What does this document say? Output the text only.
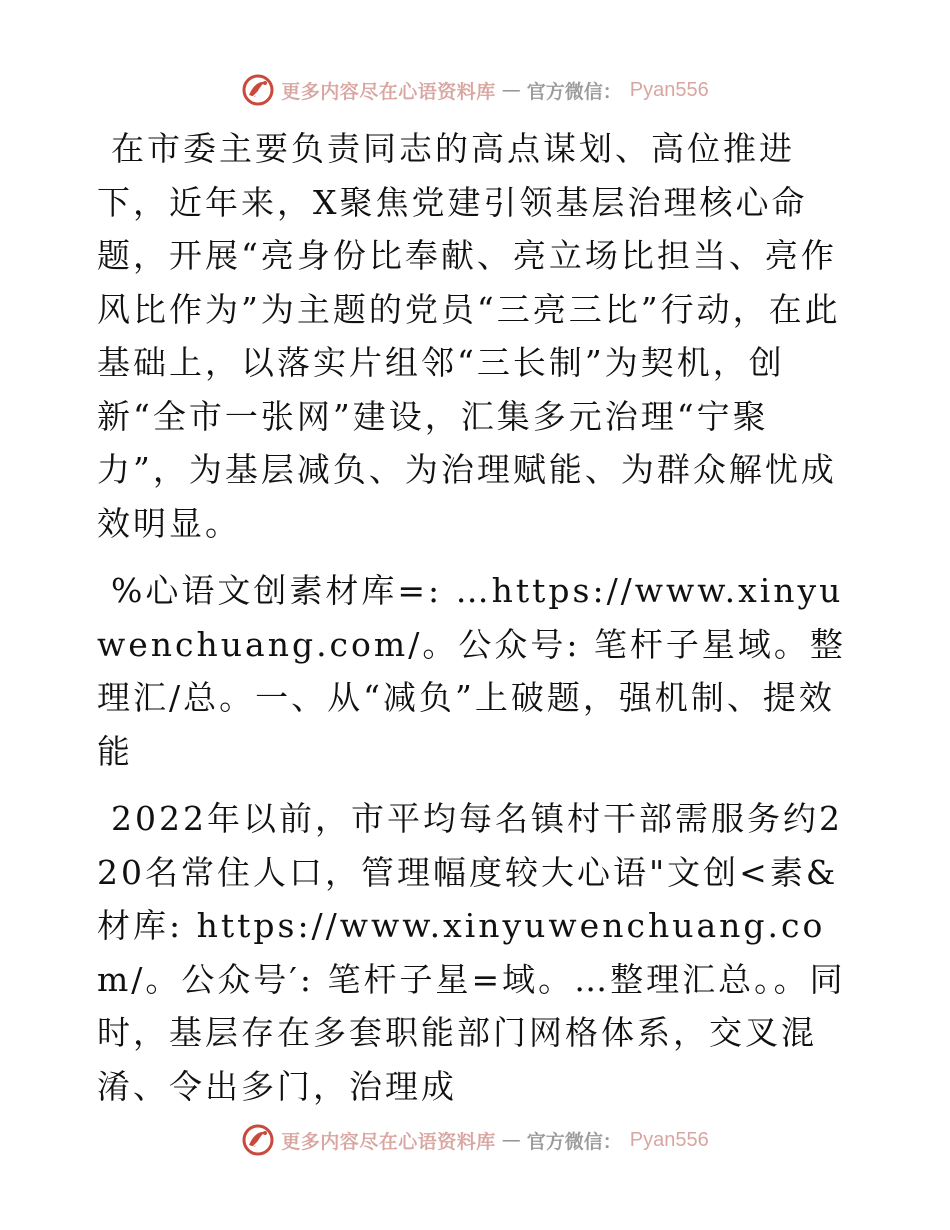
更多内容尽在心语资料库 — 官方微信： Pyan556

在市委主要负责同志的高点谋划、高位推进下，近年来，X聚焦党建引领基层治理核心命题，开展“亮身份比奉献、亮立场比担当、亮作风比作为”为主题的党员“三亮三比”行动，在此基础上，以落实片组邻“三长制”为契机，创新“全市一张网”建设，汇集多元治理“宁聚力”，为基层减负、为治理赋能、为群众解忧成效明显。

%心语文创素材库=: …https://www.xinyuwenchuang.com/。公众号: 笔杆子星域。整理汇/总。一、从“减负”上破题，强机制、提效能

2022年以前，市平均每名镇村干部需服务约220名常住人口，管理幅度较大心语"文创<素&材库: https://www.xinyuwenchuang.com/。公众号′: 笔杆子星=域。…整理汇总。。同时，基层存在多套职能部门网格体系，交叉混淆、令出多门，治理成

更多内容尽在心语资料库 — 官方微信： Pyan556
